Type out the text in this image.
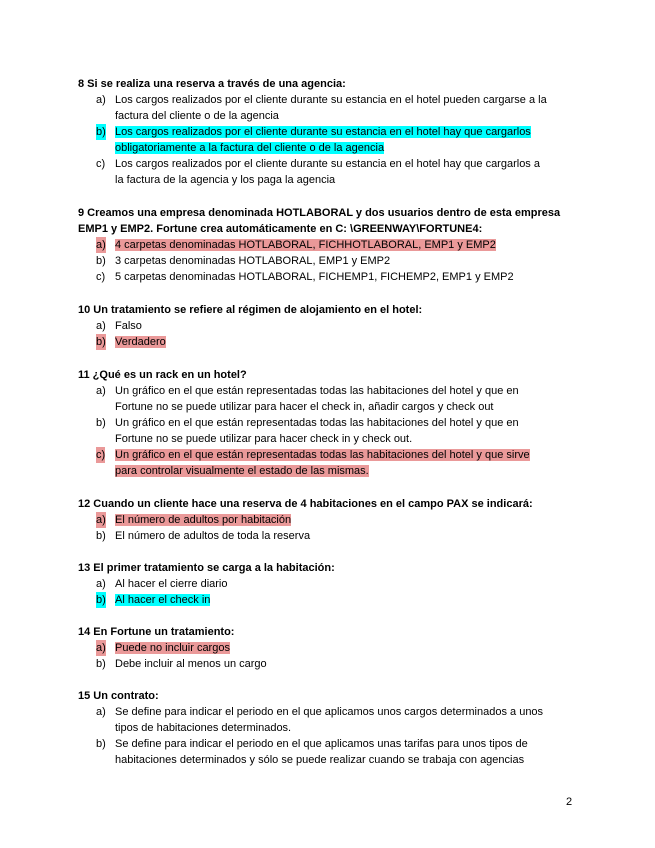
8 Si se realiza una reserva a través de una agencia:

a) Los cargos realizados por el cliente durante su estancia en el hotel pueden cargarse a la
factura del cliente o de la agencia
b) Los cargos realizados por el cliente durante su estancia en el hotel hay que cargarlos
obligatoriamente a la factura del cliente o de la agencia
c) Los cargos realizados por el cliente durante su estancia en el hotel hay que cargarlos a
la factura de la agencia y los paga la agencia

9 Creamos una empresa denominada HOTLABORAL y dos usuarios dentro de esta empresa EMP1 y EMP2. Fortune crea automáticamente en C: \GREENWAY\FORTUNE4:

a) 4 carpetas denominadas HOTLABORAL, FICHHOTLABORAL, EMP1 y EMP2
b) 3 carpetas denominadas HOTLABORAL, EMP1 y EMP2
c) 5 carpetas denominadas HOTLABORAL, FICHEMP1, FICHEMP2, EMP1 y EMP2

10 Un tratamiento se refiere al régimen de alojamiento en el hotel:

a) Falso
b) Verdadero

11 ¿Qué es un rack en un hotel?

a) Un gráfico en el que están representadas todas las habitaciones del hotel y que en
Fortune no se puede utilizar para hacer el check in, añadir cargos y check out
b) Un gráfico en el que están representadas todas las habitaciones del hotel y que en
Fortune no se puede utilizar para hacer check in y check out.
c) Un gráfico en el que están representadas todas las habitaciones del hotel y que sirve
para controlar visualmente el estado de las mismas.

12 Cuando un cliente hace una reserva de 4 habitaciones en el campo PAX se indicará:

a) El número de adultos por habitación
b) El número de adultos de toda la reserva

13 El primer tratamiento se carga a la habitación:

a) Al hacer el cierre diario
b) Al hacer el check in

14 En Fortune un tratamiento:

a) Puede no incluir cargos
b) Debe incluir al menos un cargo

15 Un contrato:

a) Se define para indicar el periodo en el que aplicamos unos cargos determinados a unos
tipos de habitaciones determinados.
b) Se define para indicar el periodo en el que aplicamos unas tarifas para unos tipos de
habitaciones determinados y sólo se puede realizar cuando se trabaja con agencias
2
